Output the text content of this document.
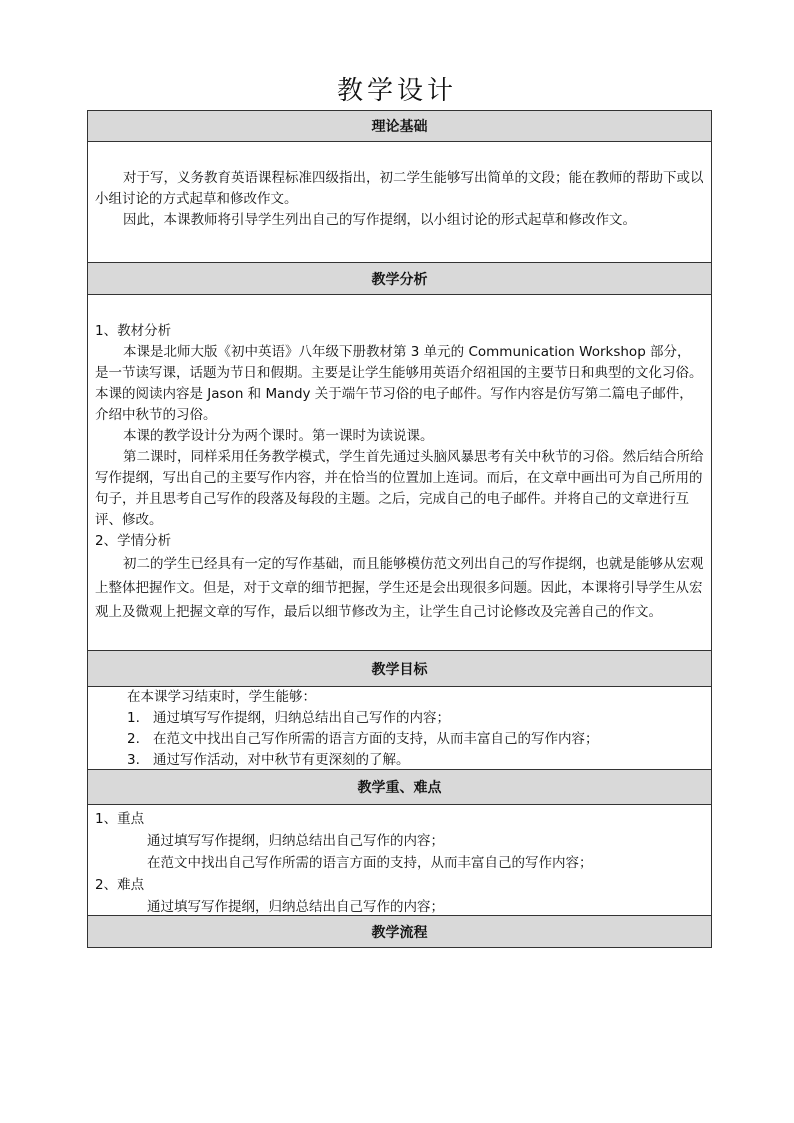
教学设计
理论基础

对于写，义务教育英语课程标准四级指出，初二学生能够写出简单的文段；能在教师的帮助下或以小组讨论的方式起草和修改作文。

因此，本课教师将引导学生列出自己的写作提纲，以小组讨论的形式起草和修改作文。

教学分析

1、教材分析

本课是北师大版《初中英语》八年级下册教材第 3 单元的 Communication Workshop 部分，是一节读写课，话题为节日和假期。主要是让学生能够用英语介绍祖国的主要节日和典型的文化习俗。本课的阅读内容是 Jason 和 Mandy 关于端午节习俗的电子邮件。写作内容是仿写第二篇电子邮件，介绍中秋节的习俗。

本课的教学设计分为两个课时。第一课时为读说课。

第二课时，同样采用任务教学模式，学生首先通过头脑风暴思考有关中秋节的习俗。然后结合所给写作提纲，写出自己的主要写作内容，并在恰当的位置加上连词。而后，在文章中画出可为自己所用的句子，并且思考自己写作的段落及每段的主题。之后，完成自己的电子邮件。并将自己的文章进行互评、修改。

2、学情分析

初二的学生已经具有一定的写作基础，而且能够模仿范文列出自己的写作提纲，也就是能够从宏观上整体把握作文。但是，对于文章的细节把握，学生还是会出现很多问题。因此，本课将引导学生从宏观上及微观上把握文章的写作，最后以细节修改为主，让学生自己讨论修改及完善自己的作文。

教学目标

在本课学习结束时，学生能够：

1. 通过填写写作提纲，归纳总结出自己写作的内容；

2. 在范文中找出自己写作所需的语言方面的支持，从而丰富自己的写作内容；

3. 通过写作活动，对中秋节有更深刻的了解。

教学重、难点

1、重点

通过填写写作提纲，归纳总结出自己写作的内容；

在范文中找出自己写作所需的语言方面的支持，从而丰富自己的写作内容；

2、难点

通过填写写作提纲，归纳总结出自己写作的内容；

教学流程
